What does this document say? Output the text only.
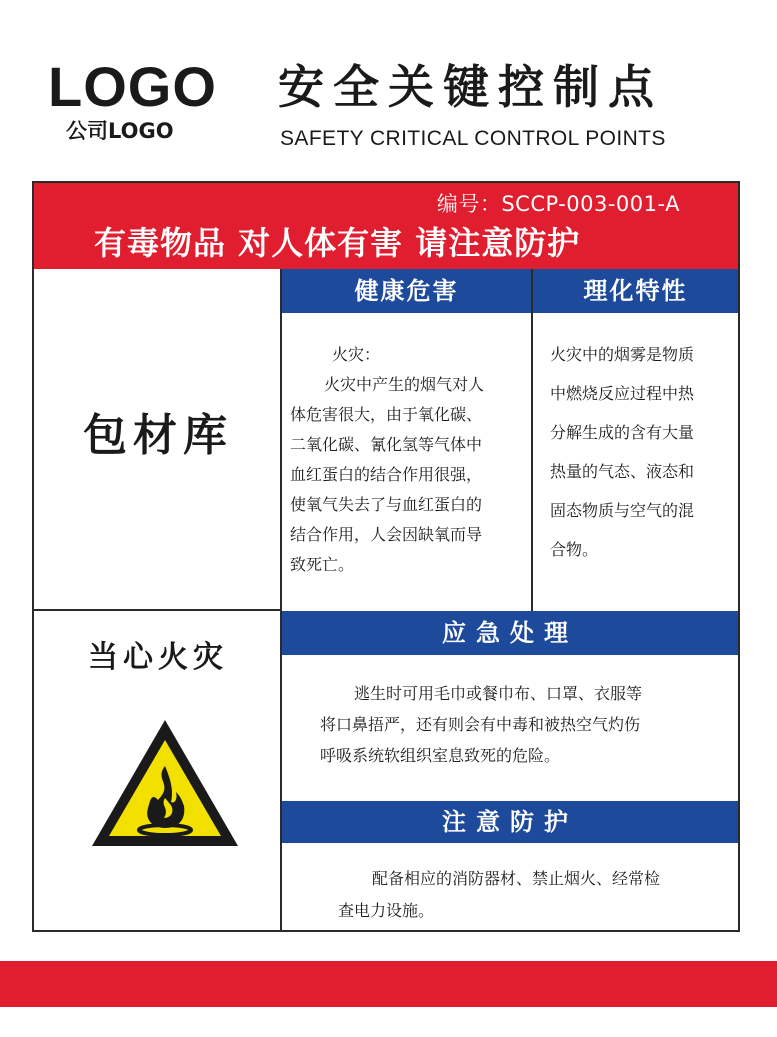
LOGO
公司LOGO
安全关键控制点
SAFETY CRITICAL CONTROL POINTS
编号：SCCP-003-001-A
有毒物品 对人体有害 请注意防护
包材库
当心火灾
健康危害
火灾：
火灾中产生的烟气对人
体危害很大，由于氧化碳、
二氧化碳、氰化氢等气体中
血红蛋白的结合作用很强，
使氧气失去了与血红蛋白的
结合作用，人会因缺氧而导
致死亡。
理化特性
火灾中的烟雾是物质
中燃烧反应过程中热
分解生成的含有大量
热量的气态、液态和
固态物质与空气的混
合物。
应急处理
逃生时可用毛巾或餐巾布、口罩、衣服等
将口鼻捂严，还有则会有中毒和被热空气灼伤
呼吸系统软组织室息致死的危险。
注意防护
配备相应的消防器材、禁止烟火、经常检
查电力设施。
